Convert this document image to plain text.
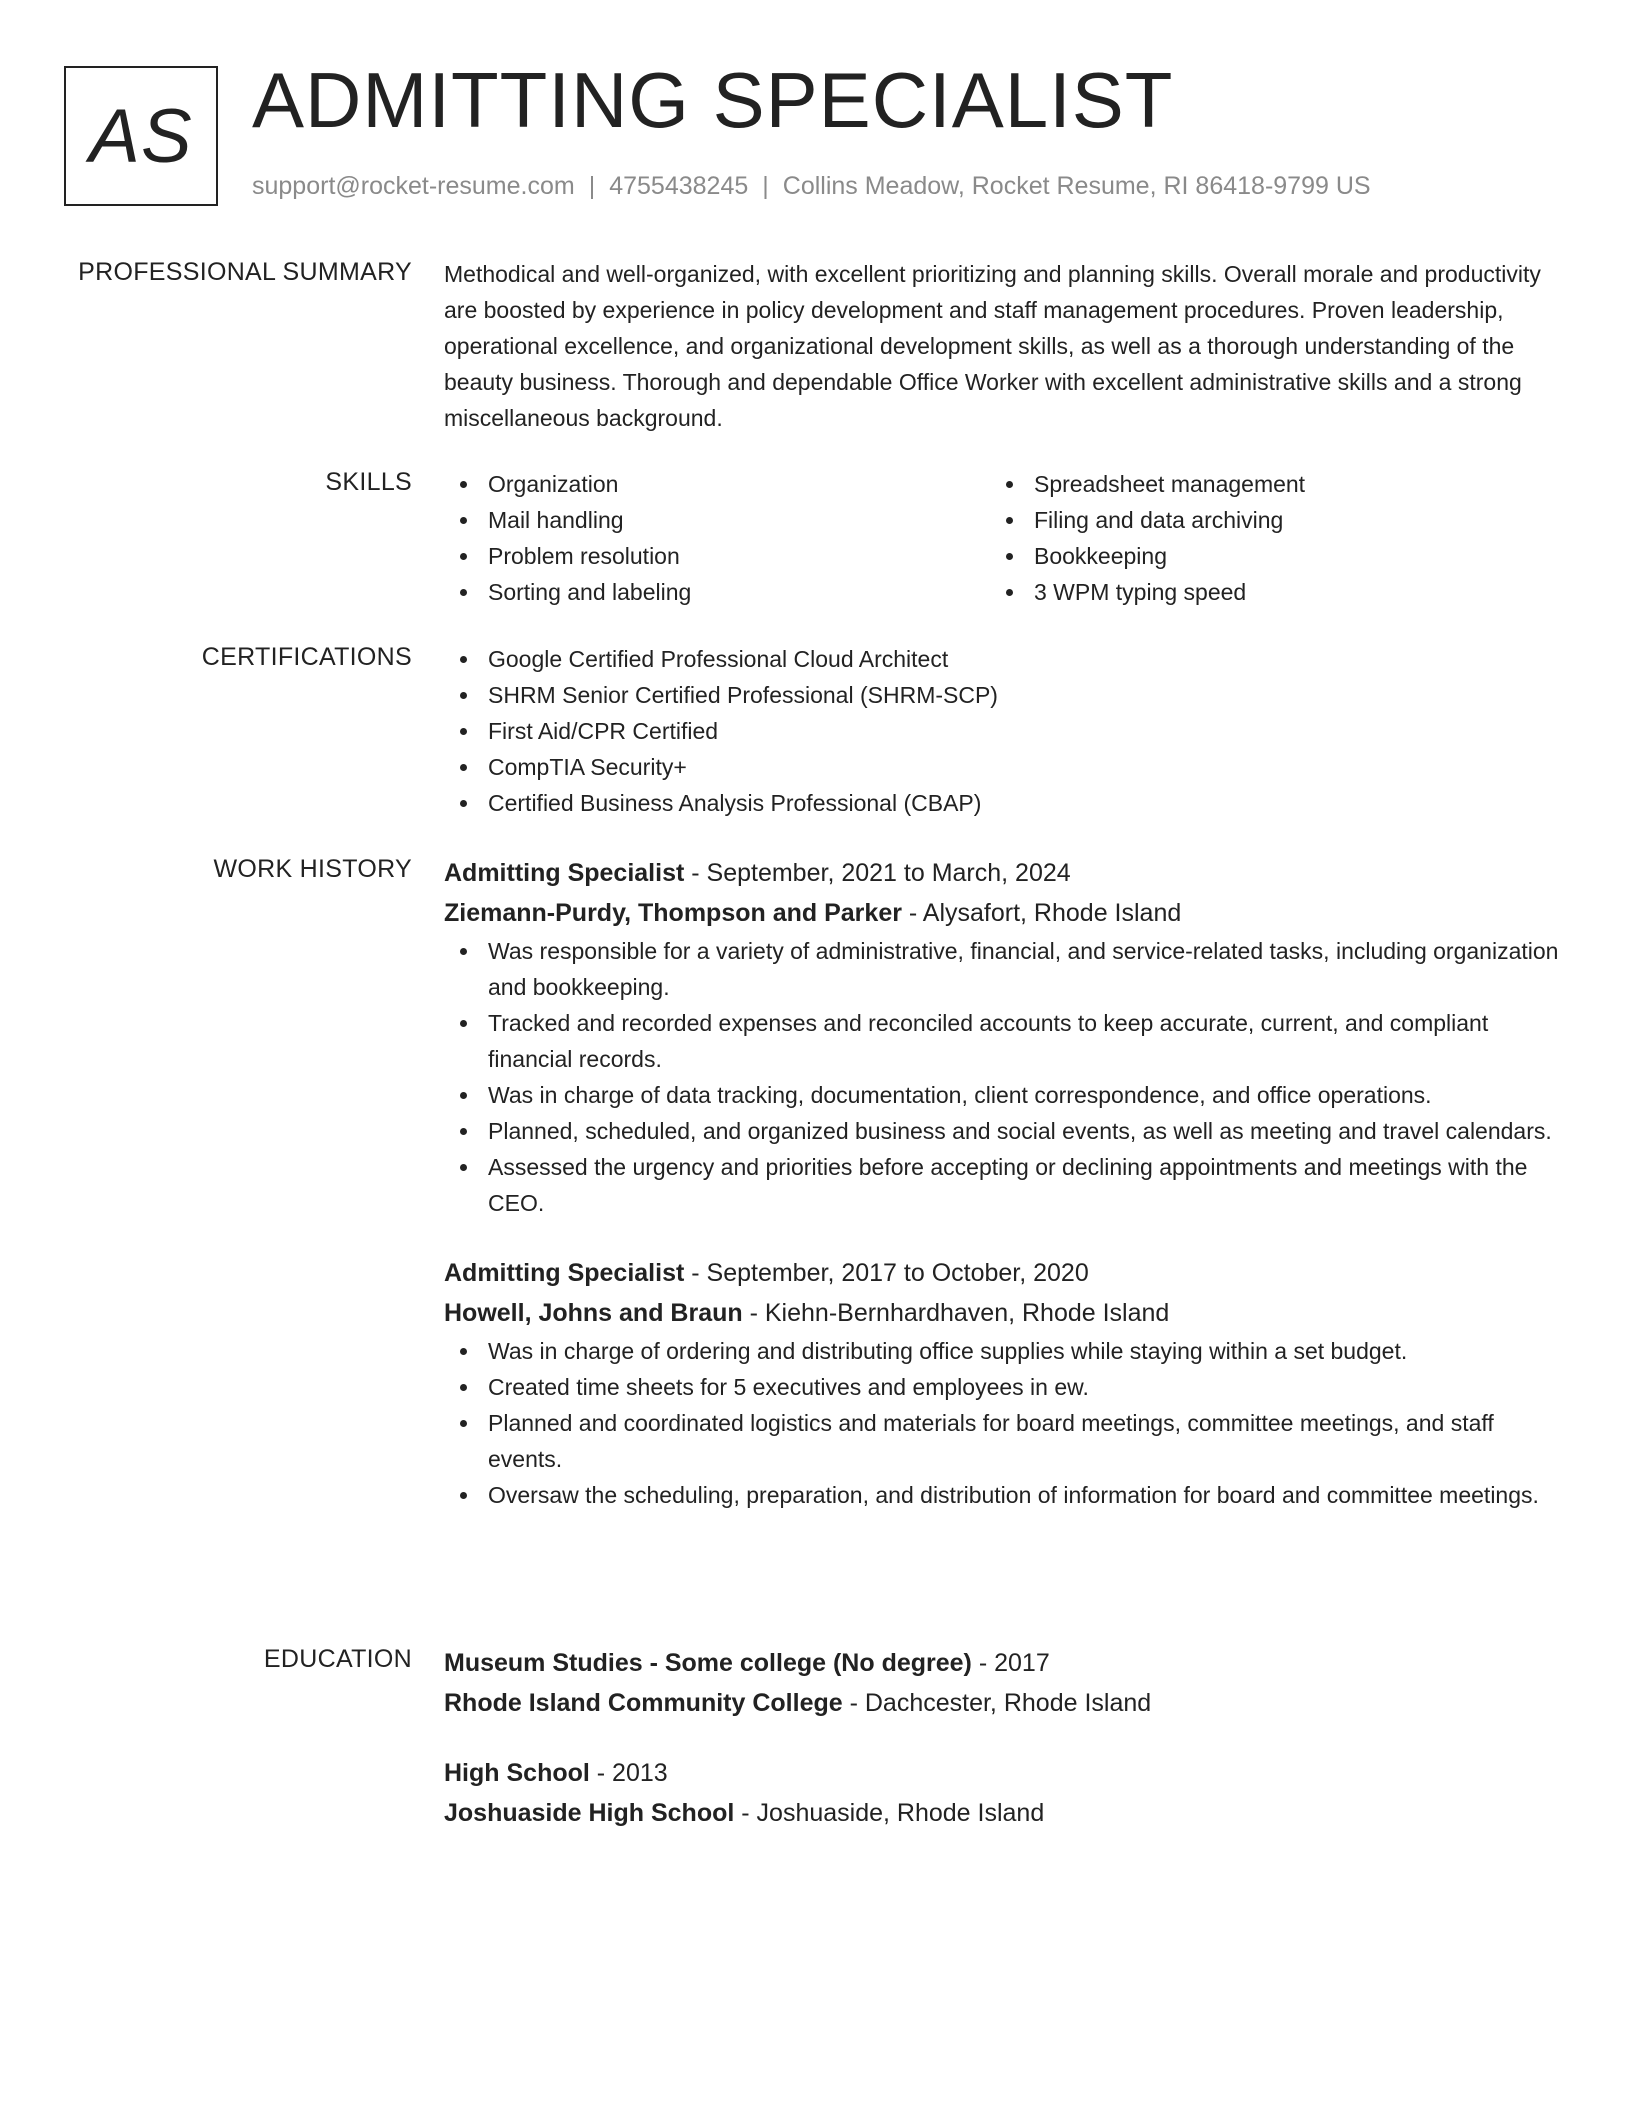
AS ADMITTING SPECIALIST
support@rocket-resume.com | 4755438245 | Collins Meadow, Rocket Resume, RI 86418-9799 US
PROFESSIONAL SUMMARY Methodical and well-organized, with excellent prioritizing and planning skills. Overall morale and productivity are boosted by experience in policy development and staff management procedures. Proven leadership, operational excellence, and organizational development skills, as well as a thorough understanding of the beauty business. Thorough and dependable Office Worker with excellent administrative skills and a strong miscellaneous background.
SKILLS	Organization
Mail handling
Problem resolution
Sorting and labeling
Spreadsheet management
Filing and data archiving
Bookkeeping
3 WPM typing speed
CERTIFICATIONS	Google Certified Professional Cloud Architect
SHRM Senior Certified Professional (SHRM-SCP)
First Aid/CPR Certified
CompTIA Security+
Certified Business Analysis Professional (CBAP)
WORK HISTORY Admitting Specialist - September, 2021 to March, 2024
Ziemann-Purdy, Thompson and Parker - Alysafort, Rhode Island
Was responsible for a variety of administrative, financial, and service-related tasks, including organization and bookkeeping.
Tracked and recorded expenses and reconciled accounts to keep accurate, current, and compliant financial records.
Was in charge of data tracking, documentation, client correspondence, and office operations.
Planned, scheduled, and organized business and social events, as well as meeting and travel calendars.
Assessed the urgency and priorities before accepting or declining appointments and meetings with the CEO.
Admitting Specialist - September, 2017 to October, 2020
Howell, Johns and Braun - Kiehn-Bernhardhaven, Rhode Island
Was in charge of ordering and distributing office supplies while staying within a set budget.
Created time sheets for 5 executives and employees in ew.
Planned and coordinated logistics and materials for board meetings, committee meetings, and staff events.
Oversaw the scheduling, preparation, and distribution of information for board and committee meetings.
EDUCATION Museum Studies - Some college (No degree) - 2017
Rhode Island Community College - Dachcester, Rhode Island
High School - 2013
Joshuaside High School - Joshuaside, Rhode Island
